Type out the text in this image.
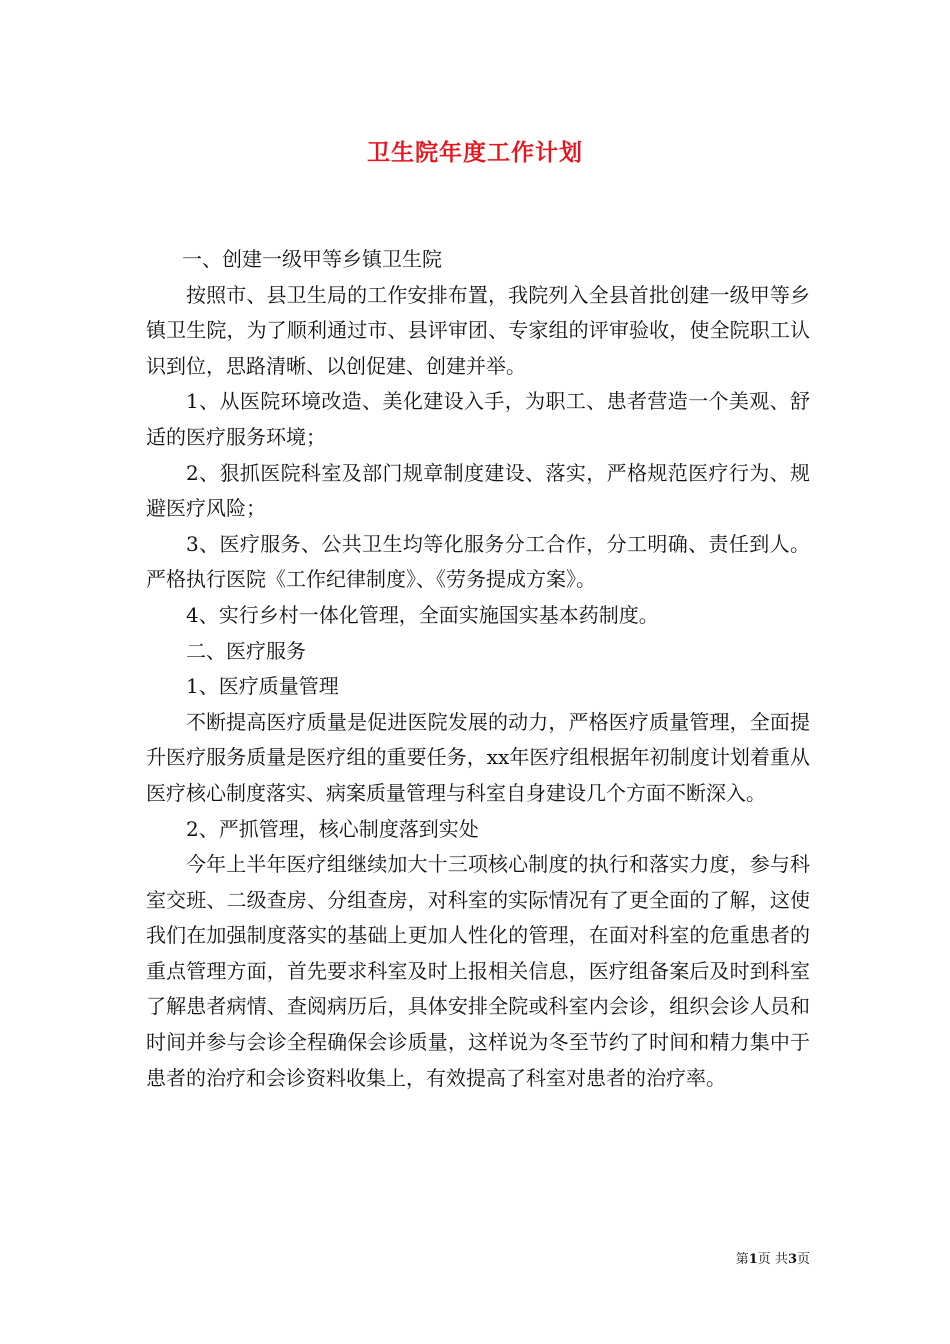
卫生院年度工作计划

一、创建一级甲等乡镇卫生院

按照市、县卫生局的工作安排布置，我院列入全县首批创建一级甲等乡镇卫生院，为了顺利通过市、县评审团、专家组的评审验收，使全院职工认识到位，思路清晰、以创促建、创建并举。

1、从医院环境改造、美化建设入手，为职工、患者营造一个美观、舒适的医疗服务环境；

2、狠抓医院科室及部门规章制度建设、落实，严格规范医疗行为、规避医疗风险；

3、医疗服务、公共卫生均等化服务分工合作，分工明确、责任到人。严格执行医院《工作纪律制度》、《劳务提成方案》。

4、实行乡村一体化管理，全面实施国实基本药制度。

二、医疗服务

1、医疗质量管理

不断提高医疗质量是促进医院发展的动力，严格医疗质量管理，全面提升医疗服务质量是医疗组的重要任务，xx年医疗组根据年初制度计划着重从医疗核心制度落实、病案质量管理与科室自身建设几个方面不断深入。

2、严抓管理，核心制度落到实处

今年上半年医疗组继续加大十三项核心制度的执行和落实力度，参与科室交班、二级查房、分组查房，对科室的实际情况有了更全面的了解，这使我们在加强制度落实的基础上更加人性化的管理，在面对科室的危重患者的重点管理方面，首先要求科室及时上报相关信息，医疗组备案后及时到科室了解患者病情、查阅病历后，具体安排全院或科室内会诊，组织会诊人员和时间并参与会诊全程确保会诊质量，这样说为冬至节约了时间和精力集中于患者的治疗和会诊资料收集上，有效提高了科室对患者的治疗率。

第1页 共3页
